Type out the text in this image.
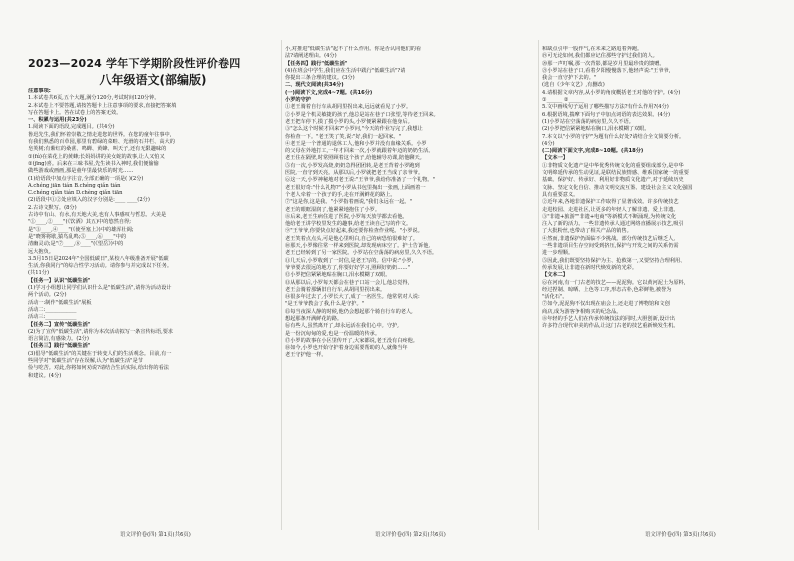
2023—2024 学年下学期阶段性评价卷四
八年级语文(部编版)

注意事项:

1.本试卷共6页,五个大题,满分120分,考试时间120分钟。

2.本试卷上不要答题,请按答题卡上注意事项的要求,直接把答案填

写在答题卡上。答在试卷上的答案无效。

一、积累与运用(共23分)

1.阅读下面的语段,完成题目。(共4分)

鲁迅先生,我们怀着崇敬之情走进您的世界。在您的童年往事中,

有我们熟悉的百草园,那里有碧绿的菜畦、光滑的石井栏、高大的

皂荚树;有紫红的桑葚、鸣蝉、黄蜂、叫天子,还有无限趣味的

①(fú)在菜花上的黄蜂;长妈妈讲的美女蛇的故事,让人又怕又

②(jīng)喜。后来在三味书屋,先生读书入神时,我们便偷偷

做些游戏或画画,那是童年里最快乐的时光……

(1)给语段中加点字注音,全部正确的一项是( )(2分)

A.chéng jiān tián B.chéng qiǎn tián

C.chéng qiǎn tián D.chèng qiǎn tiān

(2)语段中①②处应填入的汉字分别是:____ ____(2分)

2.古诗文默写。(8分)

古诗中有山、有水,有天地大美,也有人事感叹与哲思。大美是

"①____,②____"(《饮酒》其五)中的悠然自得;

是"③____,④____"(《使至塞上》)中的雄浑壮阔;

是"晓雾将歇,猿鸟乱鸣;⑤____,⑥____"中的

清幽灵动;是"⑦____,⑧____"(《望岳》)中的

远大抱负。

3.5月15日是2024年"全国低碳日",某校八年级准备开展"低碳

生活,你我同行"的综合性学习活动。请你参与并完成以下任务。

(共11分)

【任务一】认识"低碳生活"

(1)学习小组想让同学们认识什么是"低碳生活",请你为活动设计

两个活动。(2分)

活动一:制作"低碳生活"展板

活动二:____________

活动三:____________

【任务二】宣传"低碳生活"

(2)为了宣传"低碳生活",请你为本次活动拟写一条宣传标语,要求

语言简洁,有感染力。(2分)

【任务三】践行"低碳生活"

(3)倡导"低碳生活"的关键在于转变人们的生活观念。目前,有一

些同学对"低碳生活"存在误解,认为"低碳生活"是节

俭与吃苦。对此,你将如何劝说?请结合生活实际,给出你的看法

和建议。(4分)

小,对推进"低碳生活"起不了什么作用。你是否认同他们的看

法?请阐述理由。(4分)

【任务四】践行"低碳生活"

(4)在班会中学生,我们应在生活中践行"低碳生活"?请

你提出三条合理的建议。(3分)

二、现代文阅读(共34分)

(一)阅读下文,完成4~7题。(共16分)

小罗的守护

①老王骑着自行车从胡同里拐出来,远远就看见了小罗。

②小罗是个机灵敏捷的孩子,他总是站在巷子口张望,等待老王回来。

老王把车停下,摸了摸小罗的头,小罗便紧紧跟在他身后。

③"怎么这个时候才回来?"小罗问,"今天的作业写完了,我想让

你检查一下。"老王笑了笑,说:"好,我们一起回家。"

④老王是一个普通的退休工人,他和小罗并没有血缘关系。小罗

的父母在外地打工,一年才回来一次,小罗就跟着年迈的奶奶生活。

老王住在隔壁,时常照顾着这个孩子,给他辅导功课,陪他聊天。

⑤有一次,小罗发高烧,奶奶急得团团转,是老王背着小罗跑到

医院,一直守到天亮。从那以后,小罗就把老王当成了亲爷爷。

⑥这一天,小罗神秘地对老王说:"王爷爷,我给你准备了一个礼物。"

老王很好奇:"什么礼物?"小罗从书包里掏出一张画,上面画着一

个老人牵着一个孩子的手,走在开满鲜花的路上。

⑦"这是你,这是我。"小罗指着画说,"我们永远在一起。"

老王的眼眶湿润了,他紧紧地抱住了小罗。

⑧后来,老王生病住进了医院,小罗每天放学都去看他。

他给老王讲学校里发生的趣事,给老王读自己写的作文。

⑨"王爷爷,你要快点好起来,我还要你检查作业呢。"小罗说。

老王笑着点点头,可是他心里明白,自己的病恐怕很难好了。

⑩那天,小罗像往常一样来到医院,却发现病床空了。护士告诉他,

老王已经转到了另一家医院。小罗站在空荡荡的病房里,久久不语。

⑪几天后,小罗收到了一封信,是老王写的。信中说:"小罗,

爷爷要去很远的地方了,你要好好学习,照顾好奶奶……"

⑫小罗把信紧紧地贴在胸口,泪水模糊了双眼。

⑬从那以后,小罗每天都会在巷子口站一会儿,他总觉得,

老王会骑着那辆旧自行车,从胡同里拐出来。

⑭很多年过去了,小罗长大了,成了一名医生。他常常对人说:

"是王爷爷教会了我,什么是守护。"

⑮每当夜深人静的时候,他仍会想起那个骑自行车的老人,

想起那条开满鲜花的路。

⑯有些人,虽然离开了,却永远活在我们心中。守护,

是一份沉甸甸的爱,也是一份温暖的传承。

⑰小罗的故事在小区里传开了,大家都说,老王没有白疼他。

⑱如今,小罗也开始守护着身边需要帮助的人,就像当年

老王守护他一样。

和缺点引申一股作气,在未来之路追着奔跑。

⑲可无论如何,我们都应记住那些守护过我们的人。

⑳那一声叮嘱,那一次背影,都是岁月里最珍贵的馈赠。

㉑小罗站在巷子口,看着夕阳慢慢落下,他轻声说:"王爷爷,

我会一直守护下去的。"

(选自《少年文艺》,有删改)

4.请根据文章内容,从小罗的角度概括老王对他的守护。(4分)

①______ ②______

5.文中画线句子运用了哪些描写方法?有什么作用?(4分)

6.根据语境,揣摩下面句子中加点词语的表达效果。(4分)

(1)小罗站在空荡荡的病房里,久久不语。

(2)小罗把信紧紧地贴在胸口,泪水模糊了双眼。

7.本文以"小罗的守护"为题有什么好处?请结合全文简要分析。

(4分)

(二)阅读下面文字,完成8~10题。(共18分)

【文本一】

①非物质文化遗产是中华优秀传统文化的重要组成部分,是中华

文明绵延传承的生动见证,是联结民族情感、维系国家统一的重要

基础。保护好、传承好、利用好非物质文化遗产,对于延续历史

文脉、坚定文化自信、推动文明交流互鉴、建设社会主义文化强国

具有重要意义。

②近年来,各地非遗保护工作取得了显著成效。许多传统技艺

走进校园、走进社区,让更多的年轻人了解非遗、爱上非遗。

③"非遗+旅游""非遗+电商"等新模式不断涌现,为传统文化

注入了新的活力。一些非遗传承人通过网络直播展示技艺,吸引

了大批粉丝,也带动了相关产品的销售。

④然而,非遗保护仍面临不少挑战。部分传统技艺后继乏人,

一些非遗项目生存空间受到挤压,保护与开发之间的关系仍需

进一步理顺。

⑤因此,我们既要坚持保护为主、抢救第一,又要坚持合理利用、

传承发展,让非遗在新时代焕发新的光彩。

【文本二】

⑥在河南,有一门古老的技艺——泥泥狗。它以黄河泥土为原料,

经过捏制、晾晒、上色等工序,形态古朴,色彩鲜艳,被誉为

"活化石"。

⑦如今,泥泥狗不仅出现在庙会上,还走进了博物馆和文创

商店,成为游客争相购买的纪念品。

⑧年轻的手艺人们在传承传统技法的同时,大胆创新,设计出

许多符合现代审美的作品,让这门古老的技艺重新焕发生机。

语文评价卷(四) 第1页(共6页)	语文评价卷(四) 第2页(共6页)	语文评价卷(四) 第3页(共6页)
